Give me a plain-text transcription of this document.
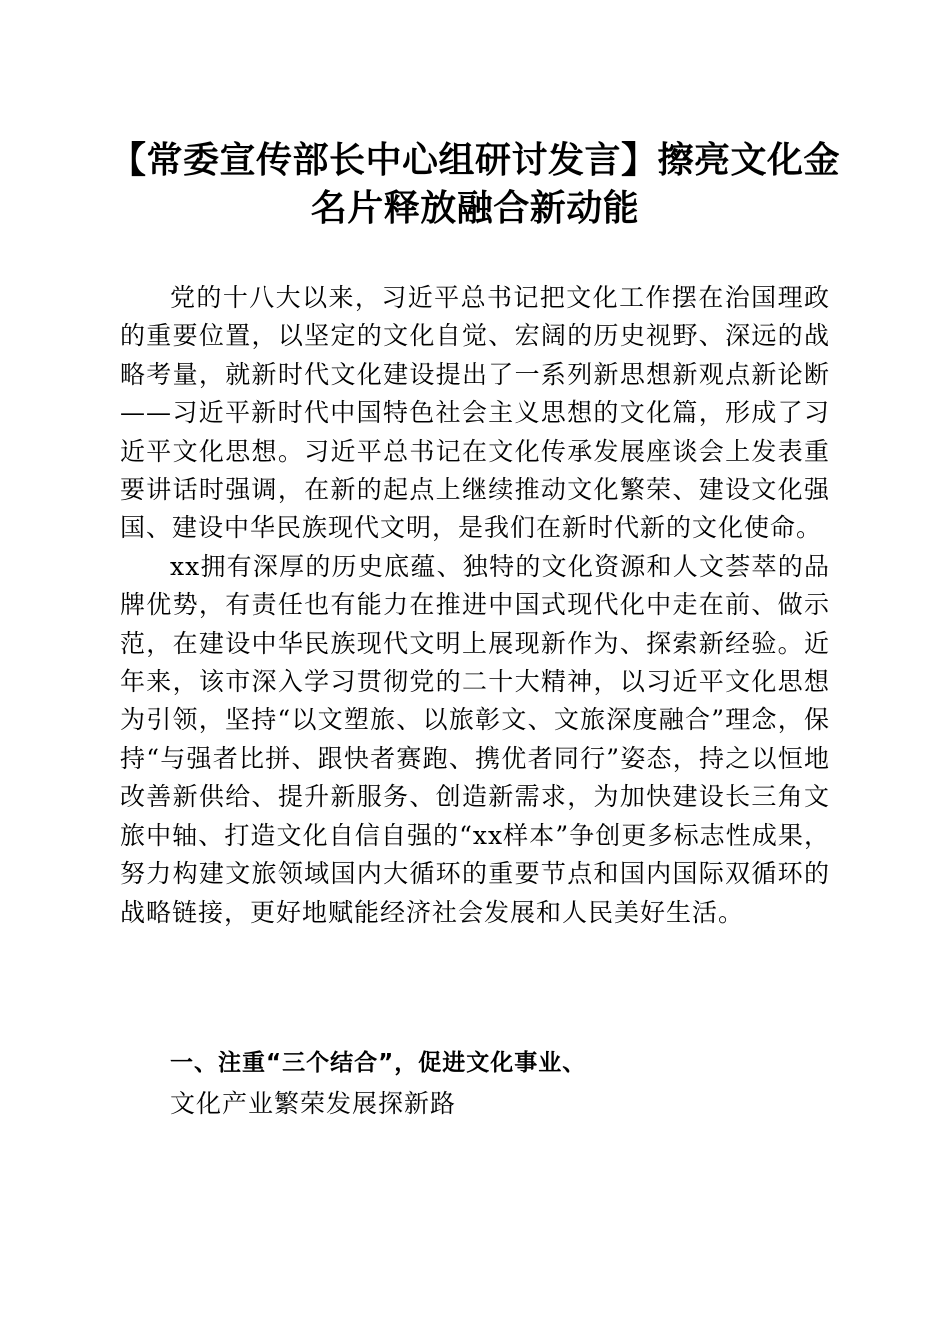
【常委宣传部长中心组研讨发言】擦亮文化金
名片释放融合新动能

党的十八大以来，习近平总书记把文化工作摆在治国理政的重要位置，以坚定的文化自觉、宏阔的历史视野、深远的战略考量，就新时代文化建设提出了一系列新思想新观点新论断——习近平新时代中国特色社会主义思想的文化篇，形成了习近平文化思想。习近平总书记在文化传承发展座谈会上发表重要讲话时强调，在新的起点上继续推动文化繁荣、建设文化强国、建设中华民族现代文明，是我们在新时代新的文化使命。

xx拥有深厚的历史底蕴、独特的文化资源和人文荟萃的品牌优势，有责任也有能力在推进中国式现代化中走在前、做示范，在建设中华民族现代文明上展现新作为、探索新经验。近年来，该市深入学习贯彻党的二十大精神，以习近平文化思想为引领，坚持“以文塑旅、以旅彰文、文旅深度融合”理念，保持“与强者比拼、跟快者赛跑、携优者同行”姿态，持之以恒地改善新供给、提升新服务、创造新需求，为加快建设长三角文旅中轴、打造文化自信自强的“xx样本”争创更多标志性成果，努力构建文旅领域国内大循环的重要节点和国内国际双循环的战略链接，更好地赋能经济社会发展和人民美好生活。

一、注重“三个结合”，促进文化事业、

文化产业繁荣发展探新路
